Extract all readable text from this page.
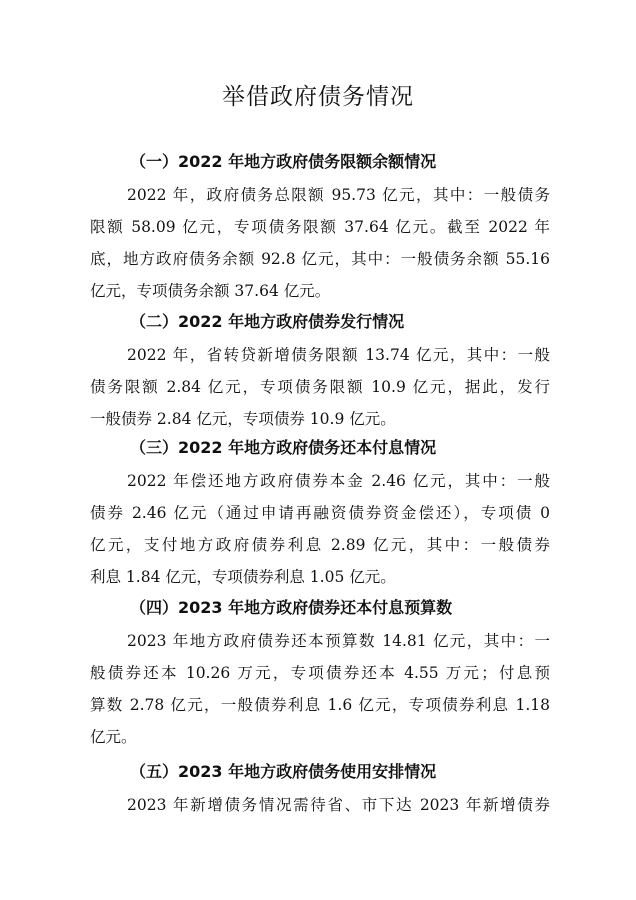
举借政府债务情况
（一）2022 年地方政府债务限额余额情况
2022 年，政府债务总限额 95.73 亿元，其中：一般债务
限额 58.09 亿元，专项债务限额 37.64 亿元。截至 2022 年
底，地方政府债务余额 92.8 亿元，其中：一般债务余额 55.16
亿元，专项债务余额 37.64 亿元。
（二）2022 年地方政府债券发行情况
2022 年，省转贷新增债务限额 13.74 亿元，其中：一般
债务限额 2.84 亿元，专项债务限额 10.9 亿元，据此，发行
一般债券 2.84 亿元，专项债券 10.9 亿元。
（三）2022 年地方政府债务还本付息情况
2022 年偿还地方政府债券本金 2.46 亿元，其中：一般
债券 2.46 亿元（通过申请再融资债券资金偿还），专项债 0
亿元，支付地方政府债券利息 2.89 亿元，其中：一般债券
利息 1.84 亿元，专项债券利息 1.05 亿元。
（四）2023 年地方政府债券还本付息预算数
2023 年地方政府债券还本预算数 14.81 亿元，其中：一
般债券还本 10.26 万元，专项债券还本 4.55 万元；付息预
算数 2.78 亿元，一般债券利息 1.6 亿元，专项债券利息 1.18
亿元。
（五）2023 年地方政府债务使用安排情况
2023 年新增债务情况需待省、市下达 2023 年新增债券
